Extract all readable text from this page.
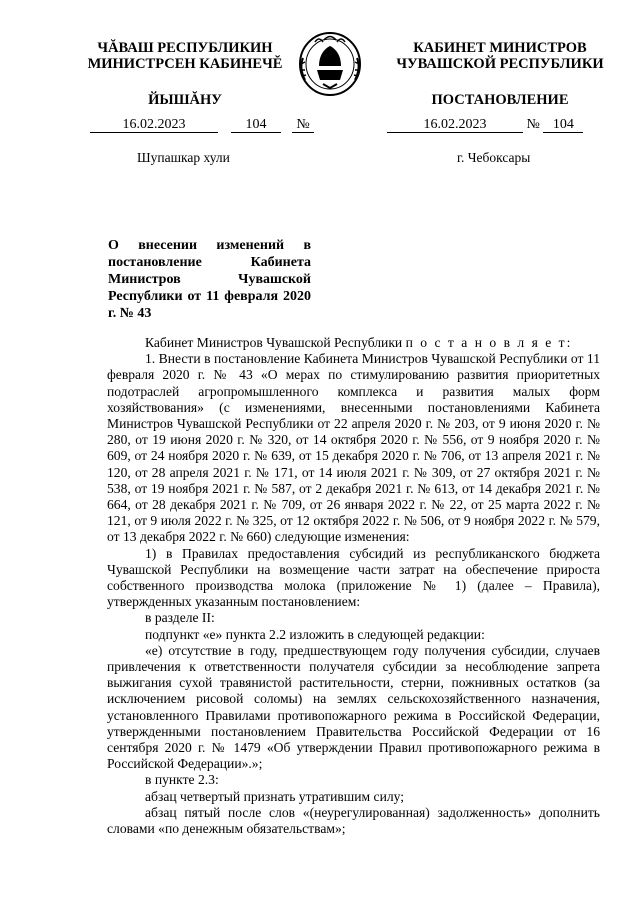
ЧĂВАШ РЕСПУБЛИКИН
МИНИСТРСЕН КАБИНЕЧĔ
ЙЫШĂНУ
КАБИНЕТ МИНИСТРОВ
ЧУВАШСКОЙ РЕСПУБЛИКИ
ПОСТАНОВЛЕНИЕ
16.02.2023	104 №	16.02.2023	№ 104
Шупашкар хули	г. Чебоксары
О внесении изменений в постановление Кабинета Министров Чувашской Республики от 11 февраля 2020 г. № 43

Кабинет Министров Чувашской Республики п о с т а н о в л я е т:

1. Внести в постановление Кабинета Министров Чувашской Республики от 11 февраля 2020 г. № 43 «О мерах по стимулированию развития приоритетных подотраслей агропромышленного комплекса и развития малых форм хозяйствования» (с изменениями, внесенными постановлениями Кабинета Министров Чувашской Республики от 22 апреля 2020 г. № 203, от 9 июня 2020 г. № 280, от 19 июня 2020 г. № 320, от 14 октября 2020 г. № 556, от 9 ноября 2020 г. № 609, от 24 ноября 2020 г. № 639, от 15 декабря 2020 г. № 706, от 13 апреля 2021 г. № 120, от 28 апреля 2021 г. № 171, от 14 июля 2021 г. № 309, от 27 октября 2021 г. № 538, от 19 ноября 2021 г. № 587, от 2 декабря 2021 г. № 613, от 14 декабря 2021 г. № 664, от 28 декабря 2021 г. № 709, от 26 января 2022 г. № 22, от 25 марта 2022 г. № 121, от 9 июля 2022 г. № 325, от 12 октября 2022 г. № 506, от 9 ноября 2022 г. № 579, от 13 декабря 2022 г. № 660) следующие изменения:

1) в Правилах предоставления субсидий из республиканского бюджета Чувашской Республики на возмещение части затрат на обеспечение прироста собственного производства молока (приложение № 1) (далее – Правила), утвержденных указанным постановлением:

в разделе II:

подпункт «е» пункта 2.2 изложить в следующей редакции:

«е) отсутствие в году, предшествующем году получения субсидии, случаев привлечения к ответственности получателя субсидии за несоблюдение запрета выжигания сухой травянистой растительности, стерни, пожнивных остатков (за исключением рисовой соломы) на землях сельскохозяйственного назначения, установленного Правилами противопожарного режима в Российской Федерации, утвержденными постановлением Правительства Российской Федерации от 16 сентября 2020 г. № 1479 «Об утверждении Правил противопожарного режима в Российской Федерации».»;

в пункте 2.3:

абзац четвертый признать утратившим силу;

абзац пятый после слов «(неурегулированная) задолженность» дополнить словами «по денежным обязательствам»;
